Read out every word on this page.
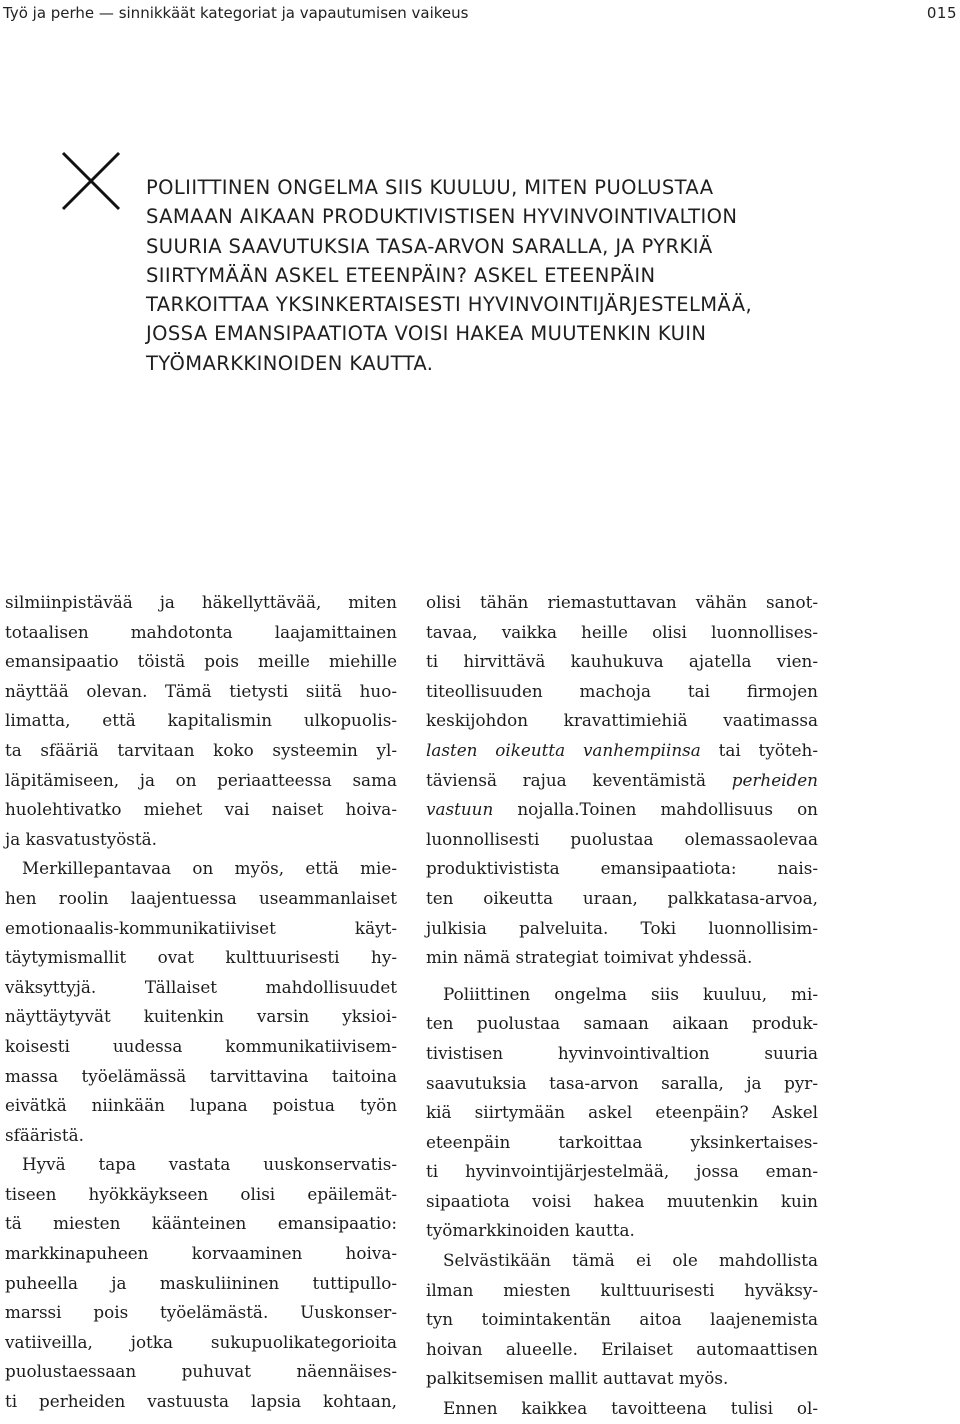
Työ ja perhe — sinnikkäät kategoriat ja vapautumisen vaikeus	015
POLIITTINEN ONGELMA SIIS KUULUU, MITEN PUOLUSTAA
SAMAAN AIKAAN PRODUKTIVISTISEN HYVINVOINTIVALTION
SUURIA SAAVUTUKSIA TASA-ARVON SARALLA, JA PYRKIÄ
SIIRTYMÄÄN ASKEL ETEENPÄIN? ASKEL ETEENPÄIN
TARKOITTAA YKSINKERTAISESTI HYVINVOINTIJÄRJESTELMÄÄ,
JOSSA EMANSIPAATIOTA VOISI HAKEA MUUTENKIN KUIN
TYÖMARKKINOIDEN KAUTTA.
silmiinpistävää ja häkellyttävää, miten
totaalisen mahdotonta laajamittainen
emansipaatio töistä pois meille miehille
näyttää olevan. Tämä tietysti siitä huo-
limatta, että kapitalismin ulkopuolis-
ta sfääriä tarvitaan koko systeemin yl-
läpitämiseen, ja on periaatteessa sama
huolehtivatko miehet vai naiset hoiva-
ja kasvatustyöstä.
Merkillepantavaa on myös, että mie-
hen roolin laajentuessa useammanlaiset
emotionaalis-kommunikatiiviset käyt-
täytymismallit ovat kulttuurisesti hy-
väksyttyjä. Tällaiset mahdollisuudet
näyttäytyvät kuitenkin varsin yksioi-
koisesti uudessa kommunikatiivisem-
massa työelämässä tarvittavina taitoina
eivätkä niinkään lupana poistua työn
sfääristä.
Hyvä tapa vastata uuskonservatis-
tiseen hyökkäykseen olisi epäilemät-
tä miesten käänteinen emansipaatio:
markkinapuheen korvaaminen hoiva-
puheella ja maskuliininen tuttipullo-
marssi pois työelämästä. Uuskonser-
vatiiveilla, jotka sukupuolikategorioita
puolustaessaan puhuvat näennäises-
ti perheiden vastuusta lapsia kohtaan,
olisi tähän riemastuttavan vähän sanot-
tavaa, vaikka heille olisi luonnollises-
ti hirvittävä kauhukuva ajatella vien-
titeollisuuden machoja tai firmojen
keskijohdon kravattimiehiä vaatimassa
lasten oikeutta vanhempiinsa tai työteh-
täviensä rajua keventämistä perheiden
vastuun nojalla.Toinen mahdollisuus on
luonnollisesti puolustaa olemassaolevaa
produktivistista emansipaatiota: nais-
ten oikeutta uraan, palkkatasa-arvoa,
julkisia palveluita. Toki luonnollisim-
min nämä strategiat toimivat yhdessä.
Poliittinen ongelma siis kuuluu, mi-
ten puolustaa samaan aikaan produk-
tivistisen hyvinvointivaltion suuria
saavutuksia tasa-arvon saralla, ja pyr-
kiä siirtymään askel eteenpäin? Askel
eteenpäin tarkoittaa yksinkertaises-
ti hyvinvointijärjestelmää, jossa eman-
sipaatiota voisi hakea muutenkin kuin
työmarkkinoiden kautta.
Selvästikään tämä ei ole mahdollista
ilman miesten kulttuurisesti hyväksy-
tyn toimintakentän aitoa laajenemista
hoivan alueelle. Erilaiset automaattisen
palkitsemisen mallit auttavat myös.
Ennen kaikkea tavoitteena tulisi ol-
